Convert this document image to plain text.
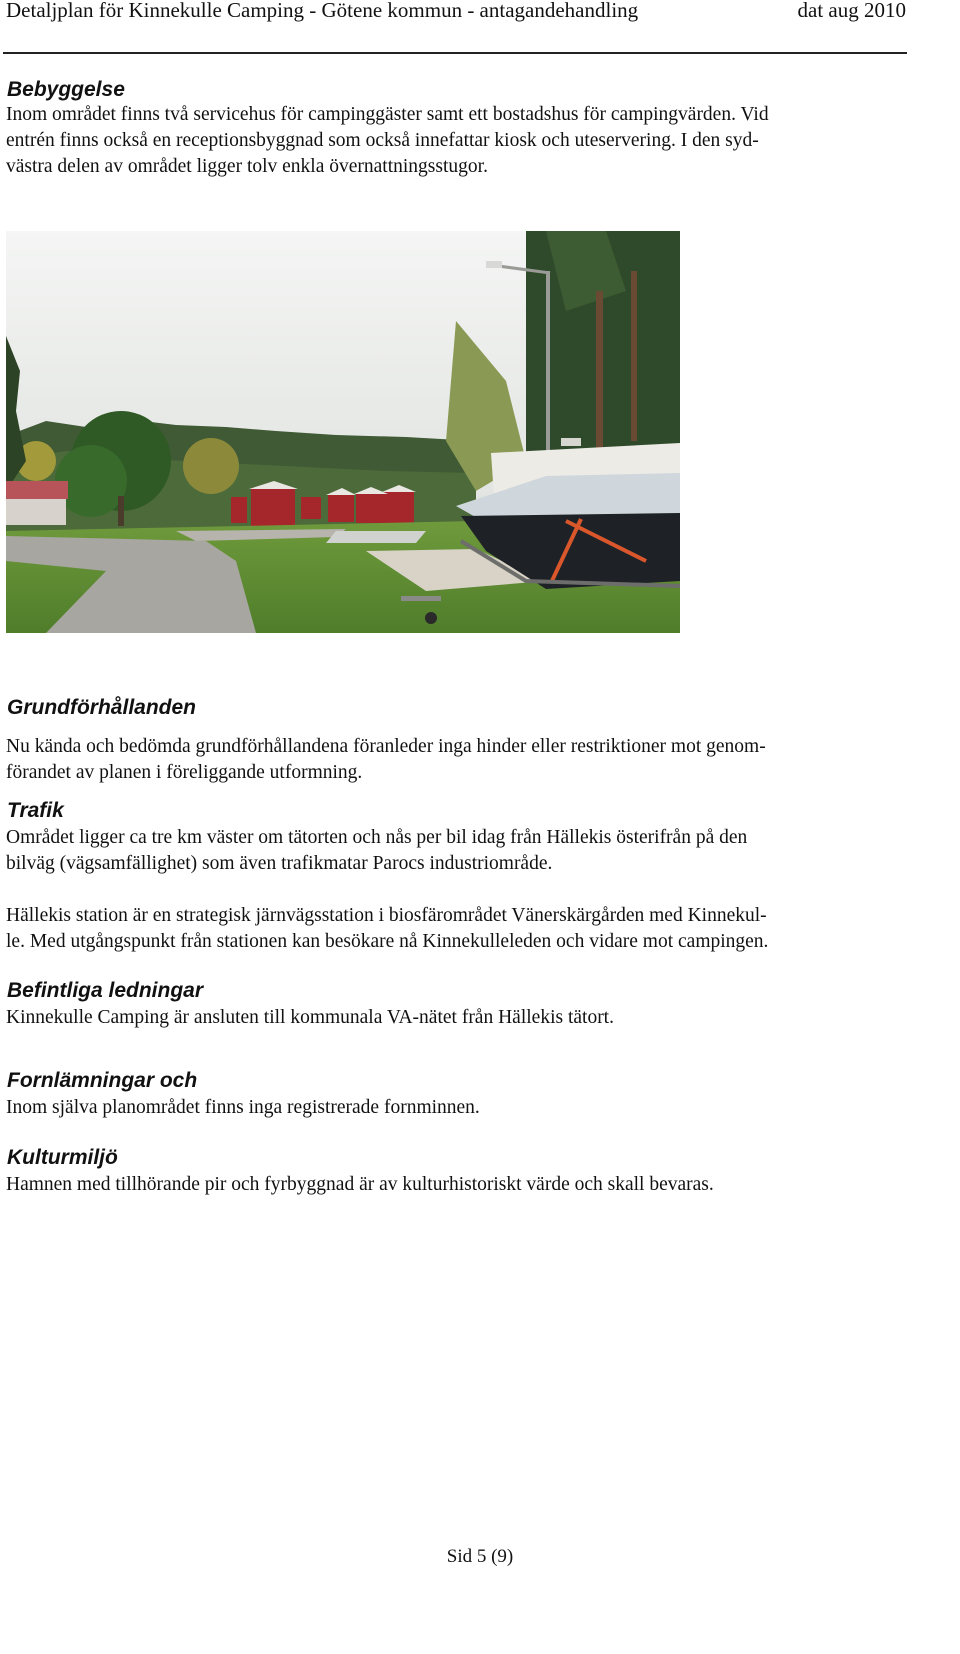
Detaljplan för Kinnekulle Camping - Götene kommun - antagandehandling	dat aug 2010
Bebyggelse

Inom området finns två servicehus för campinggäster samt ett bostadshus för campingvärden. Vid

entrén finns också en receptionsbyggnad som också innefattar kiosk och uteservering. I den syd-

västra delen av området ligger tolv enkla övernattningsstugor.

Grundförhållanden

Nu kända och bedömda grundförhållandena föranleder inga hinder eller restriktioner mot genom-

förandet av planen i föreliggande utformning.

Trafik

Området ligger ca tre km väster om tätorten och nås per bil idag från Hällekis österifrån på den

bilväg (vägsamfällighet) som även trafikmatar Parocs industriområde.

Hällekis station är en strategisk järnvägsstation i biosfärområdet Vänerskärgården med Kinnekul-

le. Med utgångspunkt från stationen kan besökare nå Kinnekulleleden och vidare mot campingen.

Befintliga ledningar

Kinnekulle Camping är ansluten till kommunala VA-nätet från Hällekis tätort.

Fornlämningar och

Inom själva planområdet finns inga registrerade fornminnen.

Kulturmiljö

Hamnen med tillhörande pir och fyrbyggnad är av kulturhistoriskt värde och skall bevaras.

Sid 5 (9)
